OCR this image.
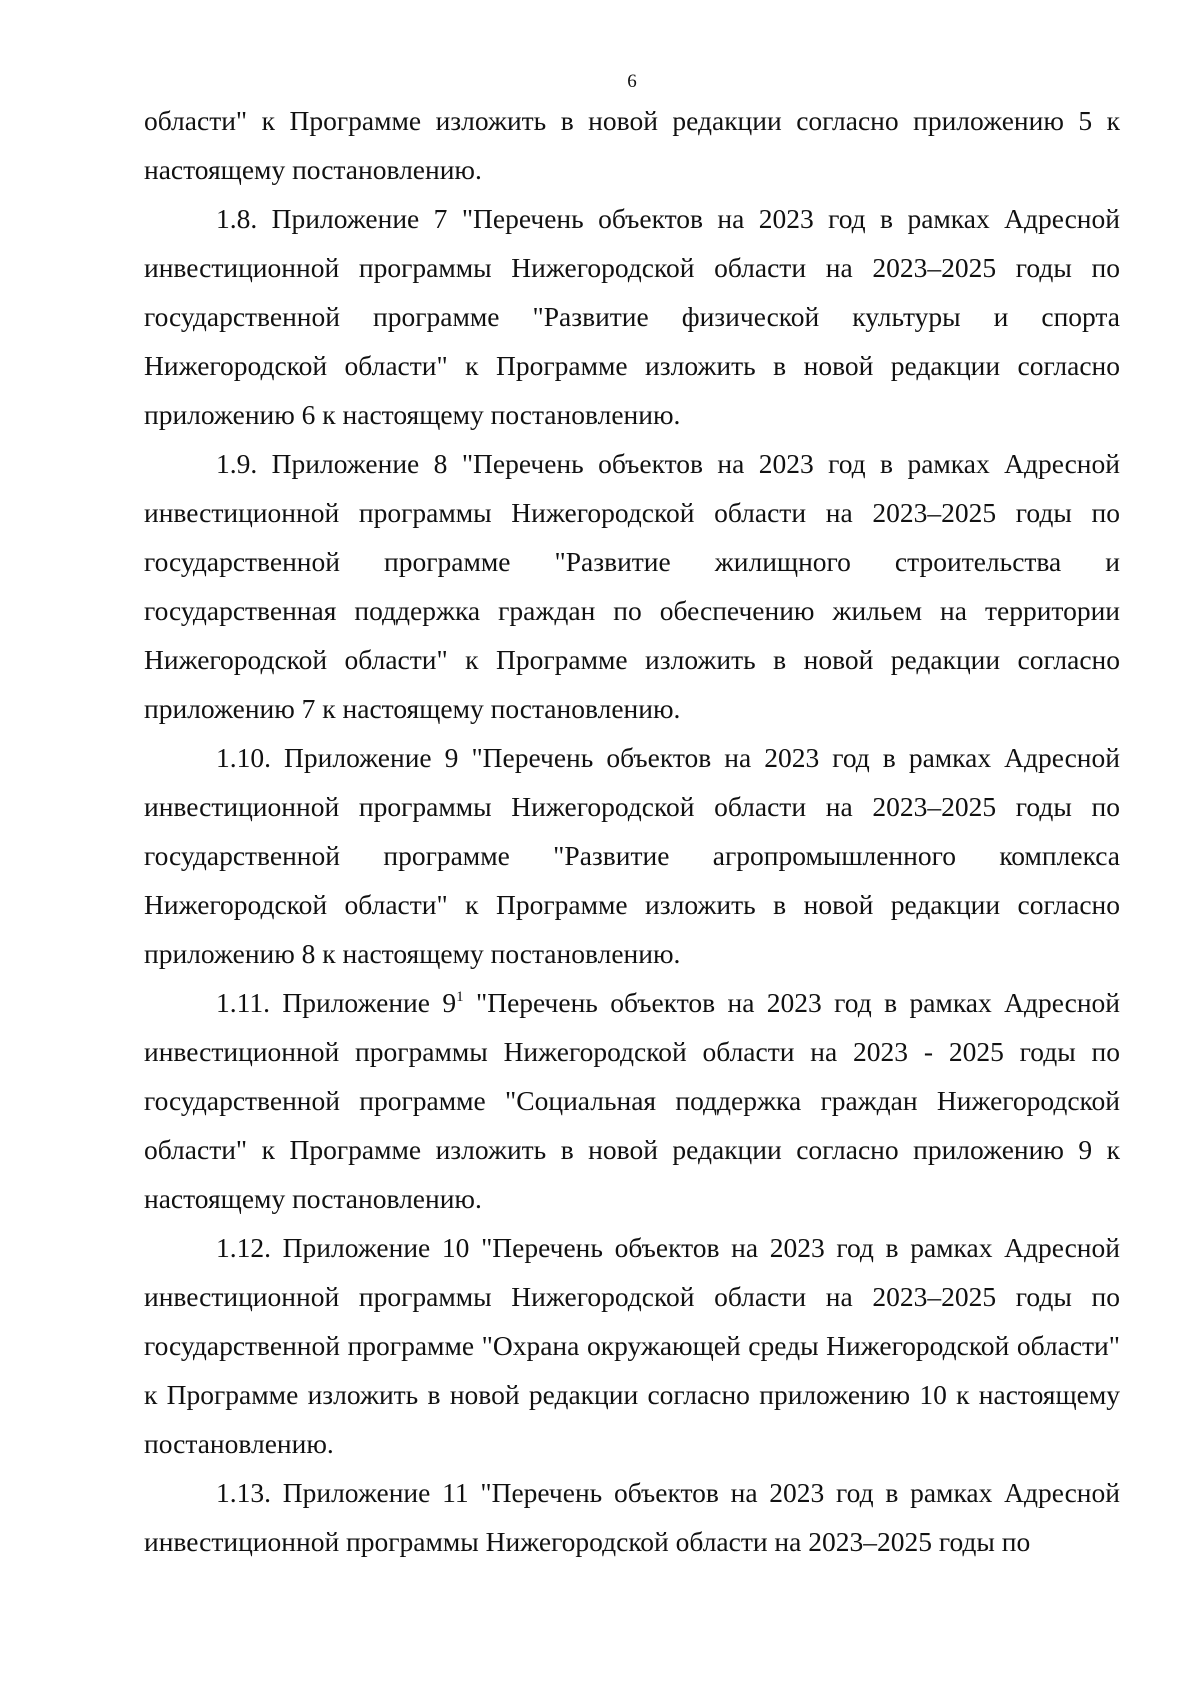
6

области" к Программе изложить в новой редакции согласно приложению 5 к настоящему постановлению.

1.8. Приложение 7 "Перечень объектов на 2023 год в рамках Адресной инвестиционной программы Нижегородской области на 2023–2025 годы по государственной программе "Развитие физической культуры и спорта Нижегородской области" к Программе изложить в новой редакции согласно приложению 6 к настоящему постановлению.

1.9. Приложение 8 "Перечень объектов на 2023 год в рамках Адресной инвестиционной программы Нижегородской области на 2023–2025 годы по государственной программе "Развитие жилищного строительства и государственная поддержка граждан по обеспечению жильем на территории Нижегородской области" к Программе изложить в новой редакции согласно приложению 7 к настоящему постановлению.

1.10. Приложение 9 "Перечень объектов на 2023 год в рамках Адресной инвестиционной программы Нижегородской области на 2023–2025 годы по государственной программе "Развитие агропромышленного комплекса Нижегородской области" к Программе изложить в новой редакции согласно приложению 8 к настоящему постановлению.

1.11. Приложение $9^1$ "Перечень объектов на 2023 год в рамках Адресной инвестиционной программы Нижегородской области на 2023 - 2025 годы по государственной программе "Социальная поддержка граждан Нижегородской области" к Программе изложить в новой редакции согласно приложению 9 к настоящему постановлению.

1.12. Приложение 10 "Перечень объектов на 2023 год в рамках Адресной инвестиционной программы Нижегородской области на 2023–2025 годы по государственной программе "Охрана окружающей среды Нижегородской области" к Программе изложить в новой редакции согласно приложению 10 к настоящему постановлению.

1.13. Приложение 11 "Перечень объектов на 2023 год в рамках Адресной инвестиционной программы Нижегородской области на 2023–2025 годы по
